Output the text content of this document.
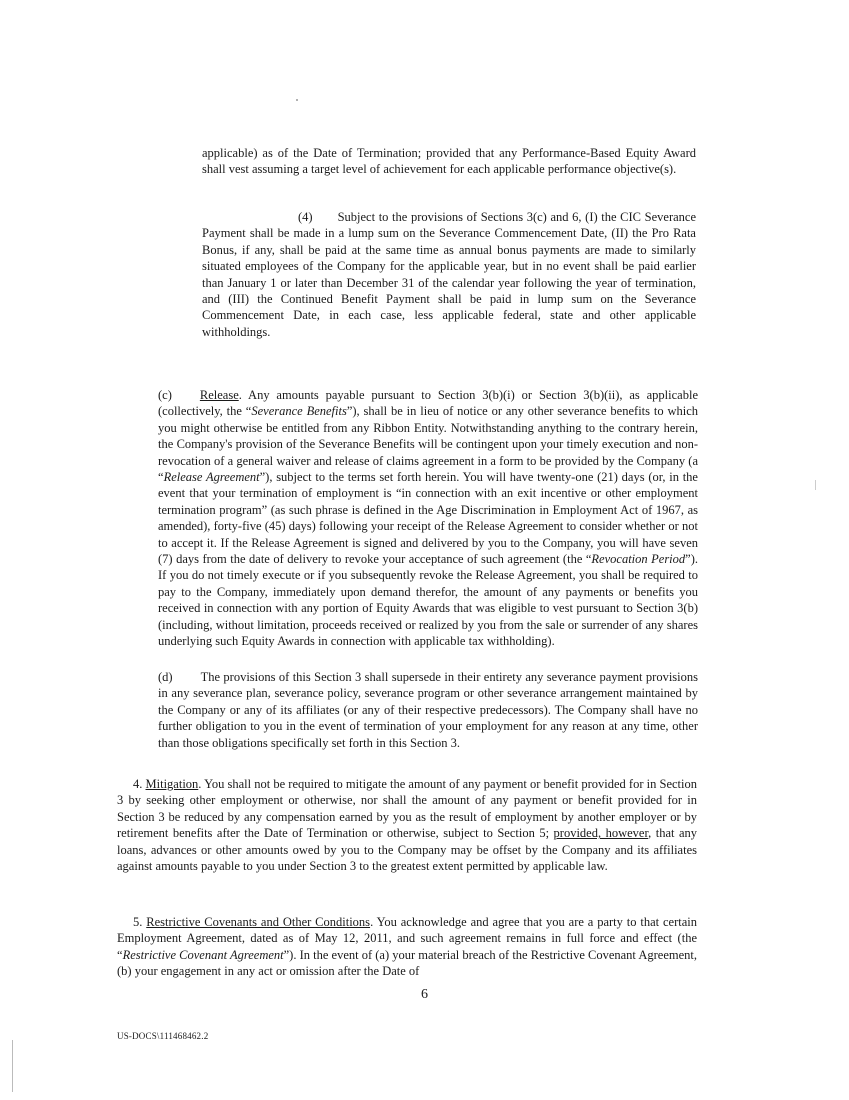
applicable) as of the Date of Termination; provided that any Performance-Based Equity Award shall vest assuming a target level of achievement for each applicable performance objective(s).

(4)  Subject to the provisions of Sections 3(c) and 6, (I) the CIC Severance Payment shall be made in a lump sum on the Severance Commencement Date, (II) the Pro Rata Bonus, if any, shall be paid at the same time as annual bonus payments are made to similarly situated employees of the Company for the applicable year, but in no event shall be paid earlier than January 1 or later than December 31 of the calendar year following the year of termination, and (III) the Continued Benefit Payment shall be paid in lump sum on the Severance Commencement Date, in each case, less applicable federal, state and other applicable withholdings.

(c) Release. Any amounts payable pursuant to Section 3(b)(i) or Section 3(b)(ii), as applicable (collectively, the “Severance Benefits”), shall be in lieu of notice or any other severance benefits to which you might otherwise be entitled from any Ribbon Entity. Notwithstanding anything to the contrary herein, the Company's provision of the Severance Benefits will be contingent upon your timely execution and non-revocation of a general waiver and release of claims agreement in a form to be provided by the Company (a “Release Agreement”), subject to the terms set forth herein. You will have twenty-one (21) days (or, in the event that your termination of employment is “in connection with an exit incentive or other employment termination program” (as such phrase is defined in the Age Discrimination in Employment Act of 1967, as amended), forty-five (45) days) following your receipt of the Release Agreement to consider whether or not to accept it. If the Release Agreement is signed and delivered by you to the Company, you will have seven (7) days from the date of delivery to revoke your acceptance of such agreement (the “Revocation Period”). If you do not timely execute or if you subsequently revoke the Release Agreement, you shall be required to pay to the Company, immediately upon demand therefor, the amount of any payments or benefits you received in connection with any portion of Equity Awards that was eligible to vest pursuant to Section 3(b) (including, without limitation, proceeds received or realized by you from the sale or surrender of any shares underlying such Equity Awards in connection with applicable tax withholding).

(d) The provisions of this Section 3 shall supersede in their entirety any severance payment provisions in any severance plan, severance policy, severance program or other severance arrangement maintained by the Company or any of its affiliates (or any of their respective predecessors). The Company shall have no further obligation to you in the event of termination of your employment for any reason at any time, other than those obligations specifically set forth in this Section 3.

4. Mitigation. You shall not be required to mitigate the amount of any payment or benefit provided for in Section 3 by seeking other employment or otherwise, nor shall the amount of any payment or benefit provided for in Section 3 be reduced by any compensation earned by you as the result of employment by another employer or by retirement benefits after the Date of Termination or otherwise, subject to Section 5; provided, however, that any loans, advances or other amounts owed by you to the Company may be offset by the Company and its affiliates against amounts payable to you under Section 3 to the greatest extent permitted by applicable law.

5. Restrictive Covenants and Other Conditions. You acknowledge and agree that you are a party to that certain Employment Agreement, dated as of May 12, 2011, and such agreement remains in full force and effect (the “Restrictive Covenant Agreement”). In the event of (a) your material breach of the Restrictive Covenant Agreement, (b) your engagement in any act or omission after the Date of

6
US-DOCS\111468462.2
